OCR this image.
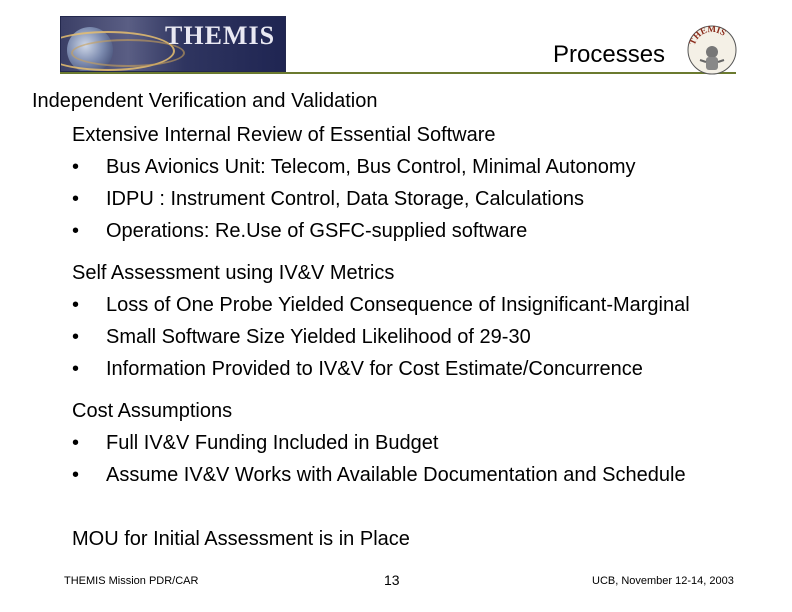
THEMIS
Processes THEMIS
Independent Verification and Validation
Extensive Internal Review of Essential Software
• Bus Avionics Unit: Telecom, Bus Control, Minimal Autonomy
• IDPU : Instrument Control, Data Storage, Calculations
• Operations: Re.Use of GSFC-supplied software
Self Assessment using IV&V Metrics
• Loss of One Probe Yielded Consequence of Insignificant-Marginal
• Small Software Size Yielded Likelihood of 29-30
• Information Provided to IV&V for Cost Estimate/Concurrence
Cost Assumptions
• Full IV&V Funding Included in Budget
• Assume IV&V Works with Available Documentation and Schedule
MOU for Initial Assessment is in Place
THEMIS Mission PDR/CAR	13	UCB, November 12-14, 2003
